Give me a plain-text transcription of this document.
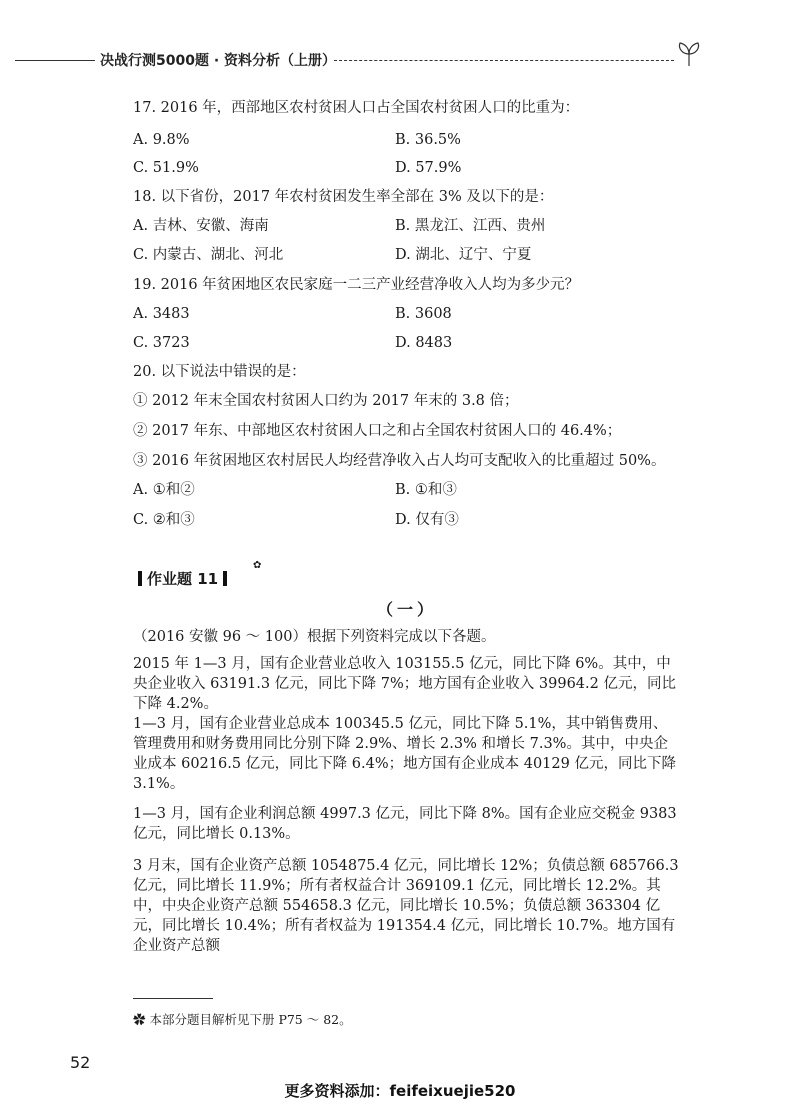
决战行测5000题 · 资料分析（上册）
17. 2016 年，西部地区农村贫困人口占全国农村贫困人口的比重为：
A. 9.8%	B. 36.5%
C. 51.9%	D. 57.9%
18. 以下省份，2017 年农村贫困发生率全部在 3% 及以下的是：
A. 吉林、安徽、海南	B. 黑龙江、江西、贵州
C. 内蒙古、湖北、河北	D. 湖北、辽宁、宁夏
19. 2016 年贫困地区农民家庭一二三产业经营净收入人均为多少元？
A. 3483	B. 3608
C. 3723	D. 8483
20. 以下说法中错误的是：
① 2012 年末全国农村贫困人口约为 2017 年末的 3.8 倍；
② 2017 年东、中部地区农村贫困人口之和占全国农村贫困人口的 46.4%；
③ 2016 年贫困地区农村居民人均经营净收入占人均可支配收入的比重超过 50%。
A. ①和②	B. ①和③
C. ②和③	D. 仅有③
作业题 11
✿
（一）
（2016 安徽 96 ～ 100）根据下列资料完成以下各题。
2015 年 1—3 月，国有企业营业总收入 103155.5 亿元，同比下降 6%。其中，中央企业收入 63191.3 亿元，同比下降 7%；地方国有企业收入 39964.2 亿元，同比下降 4.2%。
1—3 月，国有企业营业总成本 100345.5 亿元，同比下降 5.1%，其中销售费用、管理费用和财务费用同比分别下降 2.9%、增长 2.3% 和增长 7.3%。其中，中央企业成本 60216.5 亿元，同比下降 6.4%；地方国有企业成本 40129 亿元，同比下降 3.1%。
1—3 月，国有企业利润总额 4997.3 亿元，同比下降 8%。国有企业应交税金 9383 亿元，同比增长 0.13%。
3 月末，国有企业资产总额 1054875.4 亿元，同比增长 12%；负债总额 685766.3 亿元，同比增长 11.9%；所有者权益合计 369109.1 亿元，同比增长 12.2%。其中，中央企业资产总额 554658.3 亿元，同比增长 10.5%；负债总额 363304 亿元，同比增长 10.4%；所有者权益为 191354.4 亿元，同比增长 10.7%。地方国有企业资产总额
✿ 本部分题目解析见下册 P75 ～ 82。
52
更多资料添加：feifeixuejie520
